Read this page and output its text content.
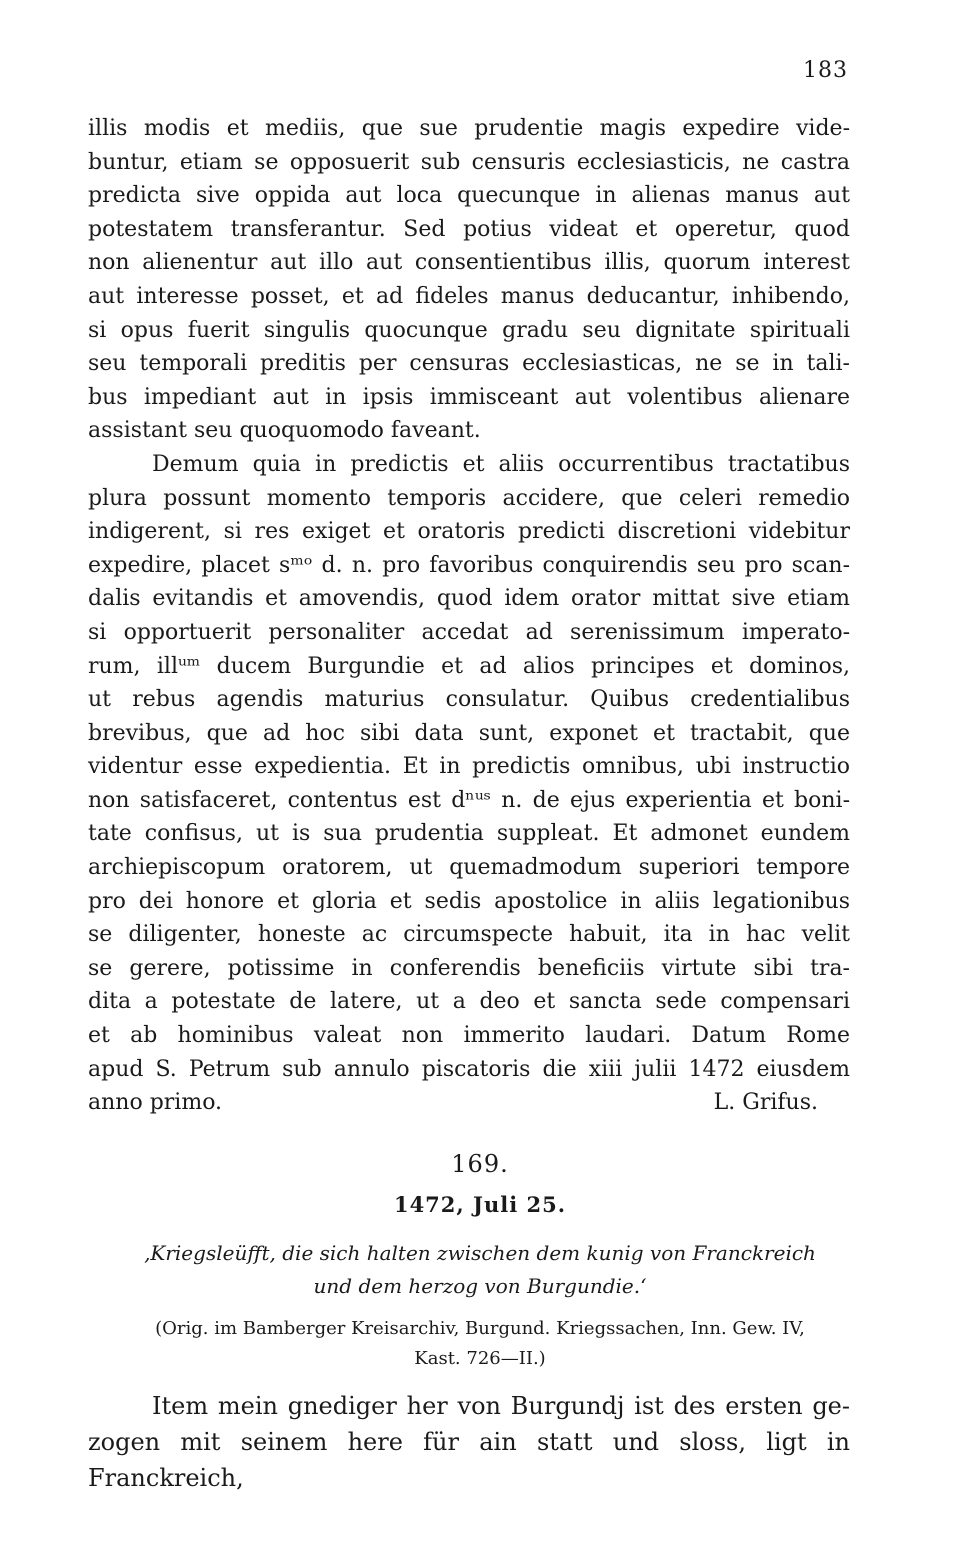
183

illis modis et mediis, que sue prudentie magis expedire vide-

buntur, etiam se opposuerit sub censuris ecclesiasticis, ne castra

predicta sive oppida aut loca quecunque in alienas manus aut

potestatem transferantur. Sed potius videat et operetur, quod

non alienentur aut illo aut consentientibus illis, quorum interest

aut interesse posset, et ad fideles manus deducantur, inhibendo,

si opus fuerit singulis quocunque gradu seu dignitate spirituali

seu temporali preditis per censuras ecclesiasticas, ne se in tali-

bus impediant aut in ipsis immisceant aut volentibus alienare

assistant seu quoquomodo faveant.

Demum quia in predictis et aliis occurrentibus tractatibus

plura possunt momento temporis accidere, que celeri remedio

indigerent, si res exiget et oratoris predicti discretioni videbitur

expedire, placet sᵐᵒ d. n. pro favoribus conquirendis seu pro scan-

dalis evitandis et amovendis, quod idem orator mittat sive etiam

si opportuerit personaliter accedat ad serenissimum imperato-

rum, illᵘᵐ ducem Burgundie et ad alios principes et dominos,

ut rebus agendis maturius consulatur. Quibus credentialibus

brevibus, que ad hoc sibi data sunt, exponet et tractabit, que

videntur esse expedientia. Et in predictis omnibus, ubi instructio

non satisfaceret, contentus est dⁿᵘˢ n. de ejus experientia et boni-

tate confisus, ut is sua prudentia suppleat. Et admonet eundem

archiepiscopum oratorem, ut quemadmodum superiori tempore

pro dei honore et gloria et sedis apostolice in aliis legationibus

se diligenter, honeste ac circumspecte habuit, ita in hac velit

se gerere, potissime in conferendis beneficiis virtute sibi tra-

dita a potestate de latere, ut a deo et sancta sede compensari

et ab hominibus valeat non immerito laudari. Datum Rome

apud S. Petrum sub annulo piscatoris die xiii julii 1472 eiusdem

anno primo.	L. Grifus.
169.
1472, Juli 25.
‚Kriegsleüfft, die sich halten zwischen dem kunig von Franckreich
und dem herzog von Burgundie.‘
(Orig. im Bamberger Kreisarchiv, Burgund. Kriegssachen, Inn. Gew. IV,
Kast. 726—II.)

Item mein gnediger her von Burgundj ist des ersten ge-

zogen mit seinem here für ain statt und sloss, ligt in Franckreich,
